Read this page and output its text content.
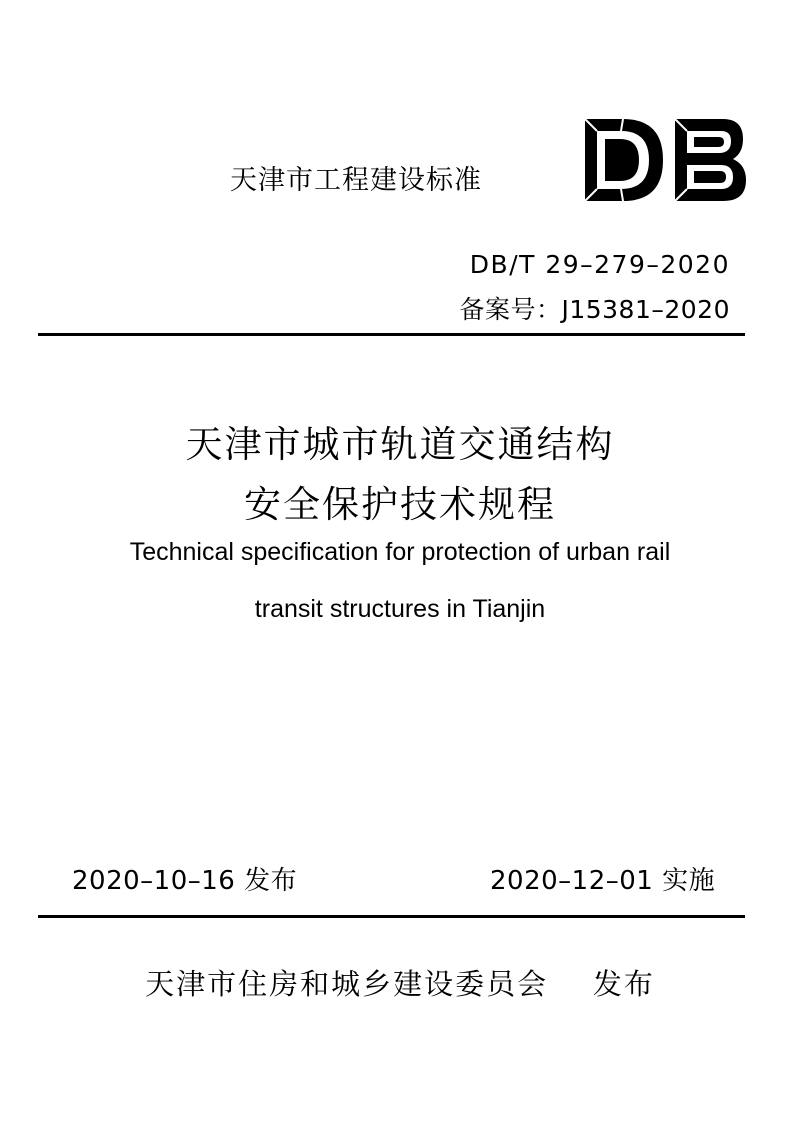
天津市工程建设标准
DB/T 29–279–2020
备案号：J15381–2020
天津市城市轨道交通结构
安全保护技术规程
Technical specification for protection of urban rail
transit structures in Tianjin
2020–10–16 发布	2020–12–01 实施
天津市住房和城乡建设委员会    发布
